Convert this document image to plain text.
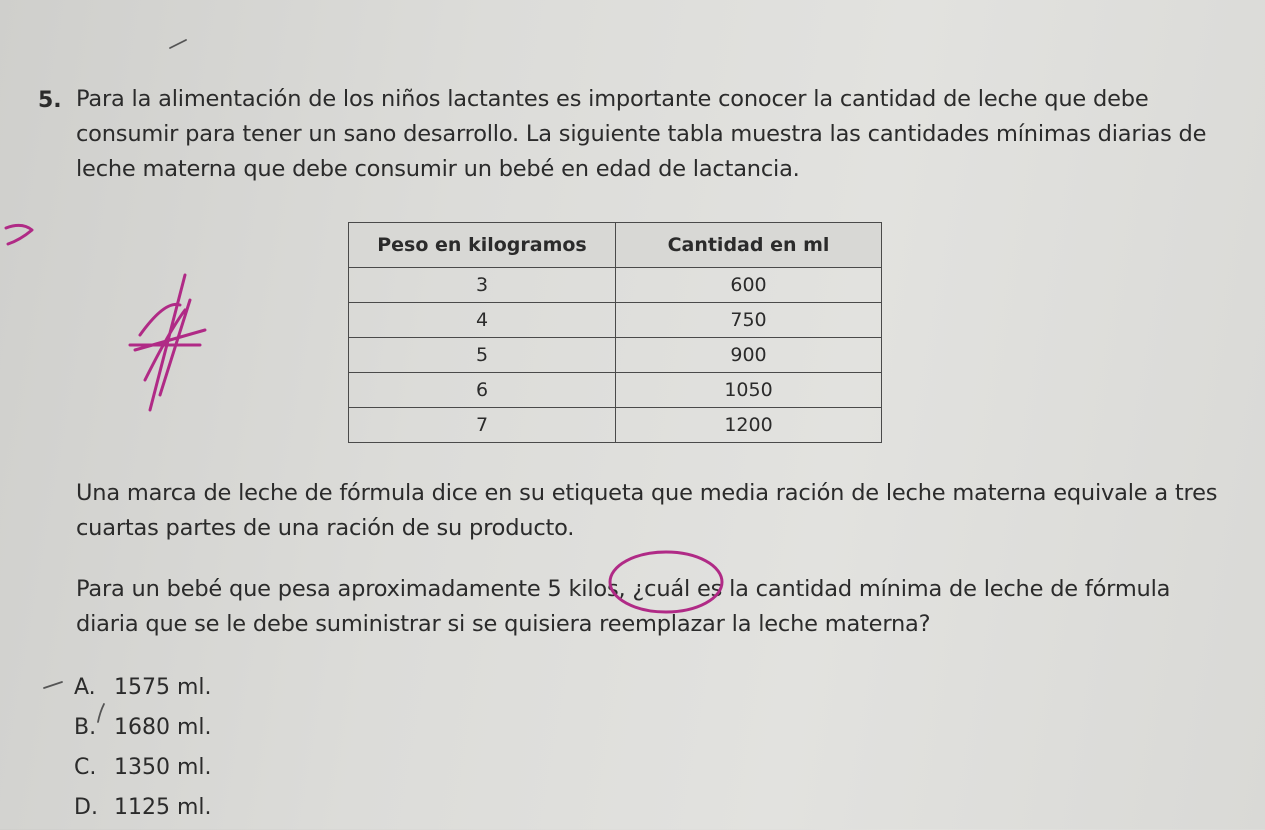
5. Para la alimentación de los niños lactantes es importante conocer la cantidad de leche que debe consumir para tener un sano desarrollo. La siguiente tabla muestra las cantidades mínimas diarias de leche materna que debe consumir un bebé en edad de lactancia.

Peso en kilogramos	Cantidad en ml
3	600
4	750
5	900
6	1050
7	1200

Una marca de leche de fórmula dice en su etiqueta que media ración de leche materna equivale a tres cuartas partes de una ración de su producto.

Para un bebé que pesa aproximadamente 5 kilos, ¿cuál es la cantidad mínima de leche de fórmula diaria que se le debe suministrar si se quisiera reemplazar la leche materna?

A. 1575 ml.
B. 1680 ml.
C. 1350 ml.
D. 1125 ml.
